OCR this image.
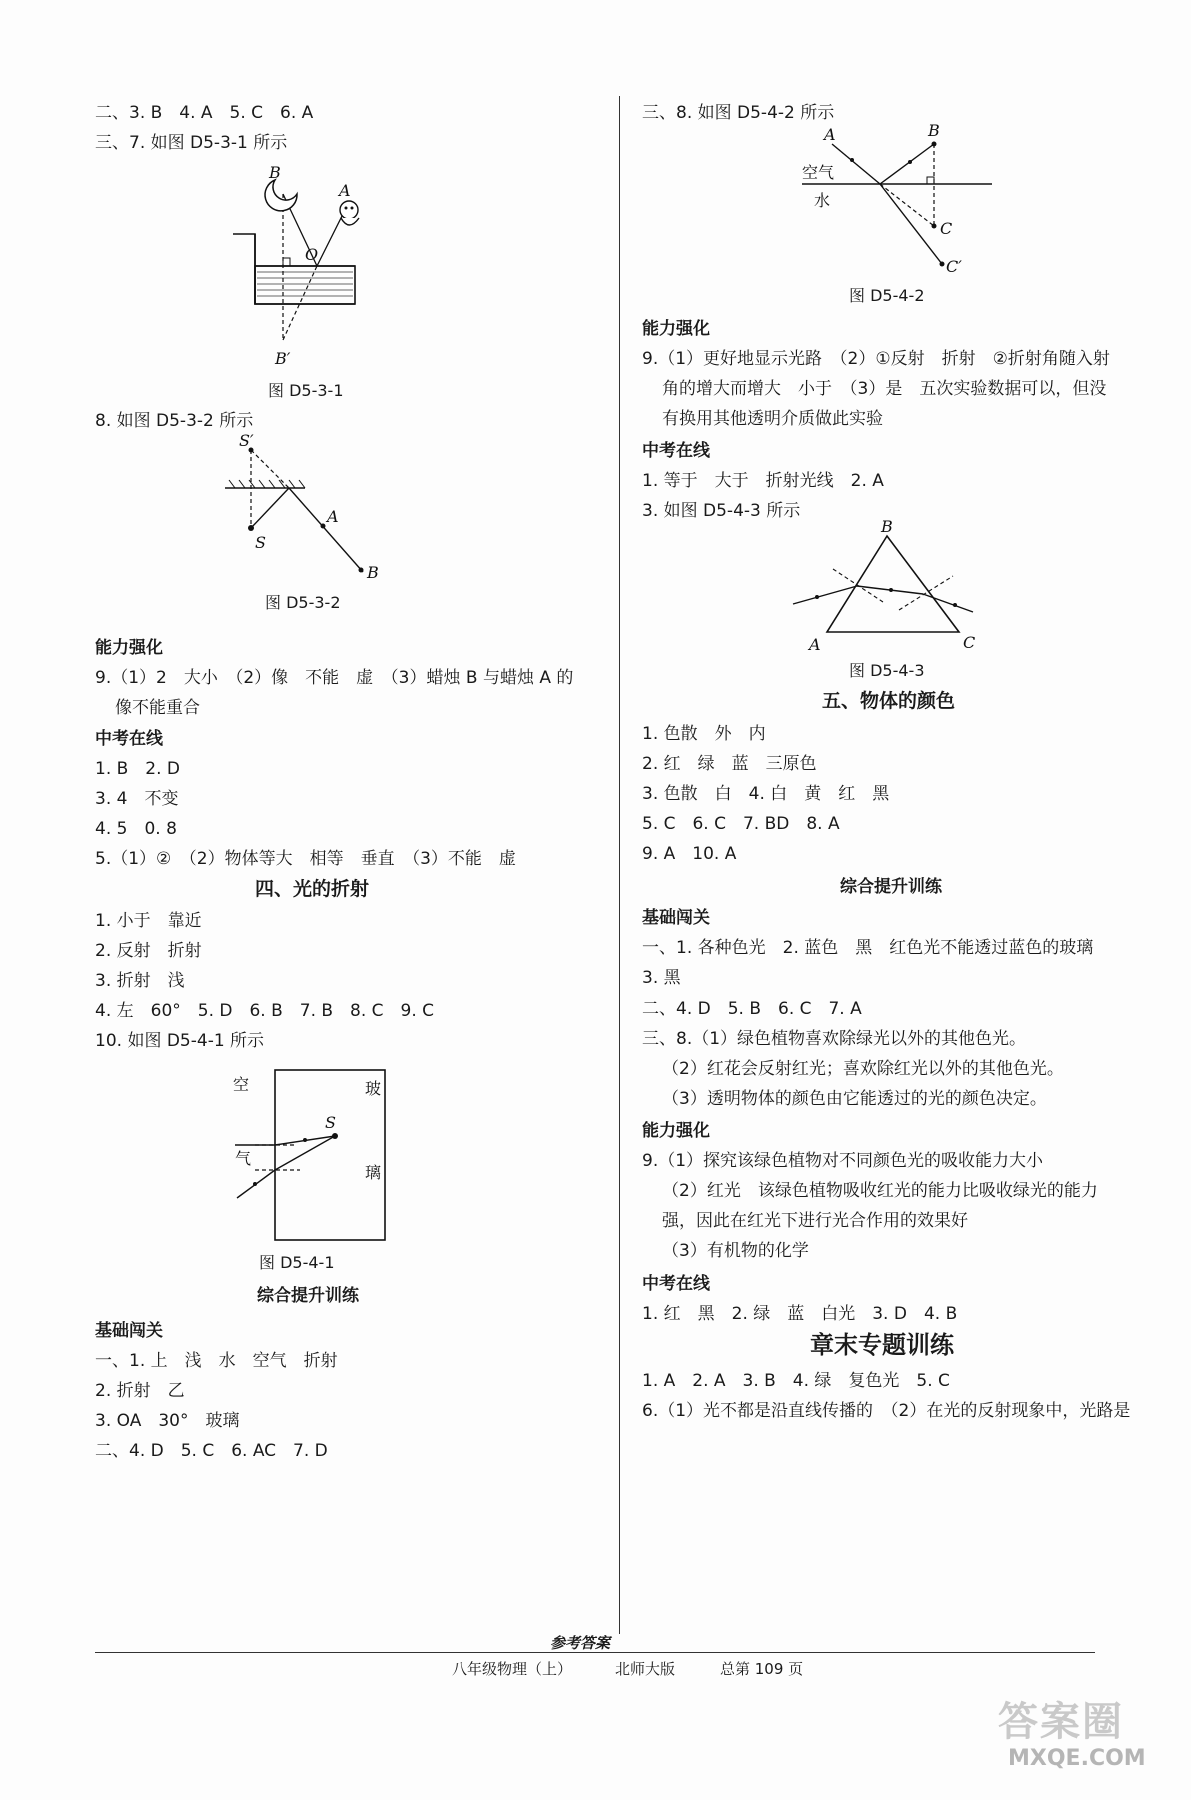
二、3. B　4. A　5. C　6. A
三、7. 如图 D5-3-1 所示
B
A
O
B′
图 D5-3-1
8. 如图 D5-3-2 所示
S′
S
A
B
图 D5-3-2
能力强化
9.（1）2　大小　（2）像　不能　虚　（3）蜡烛 B 与蜡烛 A 的
像不能重合
中考在线
1. B　2. D
3. 4　不变
4. 5　0. 8
5.（1）②　（2）物体等大　相等　垂直　（3）不能　虚
四、光的折射
1. 小于　靠近
2. 反射　折射
3. 折射　浅
4. 左　60°　5. D　6. B　7. B　8. C　9. C
10. 如图 D5-4-1 所示
空
气
玻
璃
S
图 D5-4-1
综合提升训练
基础闯关
一、1. 上　浅　水　空气　折射
2. 折射　乙
3. OA　30°　玻璃
二、4. D　5. C　6. AC　7. D
三、8. 如图 D5-4-2 所示
A	B
C
C′
空气
水
图 D5-4-2
能力强化
9.（1）更好地显示光路　（2）①反射　折射　②折射角随入射
角的增大而增大　小于　（3）是　五次实验数据可以，但没
有换用其他透明介质做此实验
中考在线
1. 等于　大于　折射光线　2. A
3. 如图 D5-4-3 所示
B
A	C
图 D5-4-3
五、物体的颜色
1. 色散　外　内
2. 红　绿　蓝　三原色
3. 色散　白　4. 白　黄　红　黑
5. C　6. C　7. BD　8. A
9. A　10. A
综合提升训练
基础闯关
一、1. 各种色光　2. 蓝色　黑　红色光不能透过蓝色的玻璃
3. 黑
二、4. D　5. B　6. C　7. A
三、8.（1）绿色植物喜欢除绿光以外的其他色光。
（2）红花会反射红光；喜欢除红光以外的其他色光。
（3）透明物体的颜色由它能透过的光的颜色决定。
能力强化
9.（1）探究该绿色植物对不同颜色光的吸收能力大小
（2）红光　该绿色植物吸收红光的能力比吸收绿光的能力
强，因此在红光下进行光合作用的效果好
（3）有机物的化学
中考在线
1. 红　黑　2. 绿　蓝　白光　3. D　4. B
章末专题训练
1. A　2. A　3. B　4. 绿　复色光　5. C
6.（1）光不都是沿直线传播的　（2）在光的反射现象中，光路是
参考答案
八年级物理（上）	北师大版	总第 109 页
答案圈
MXQE.COM
